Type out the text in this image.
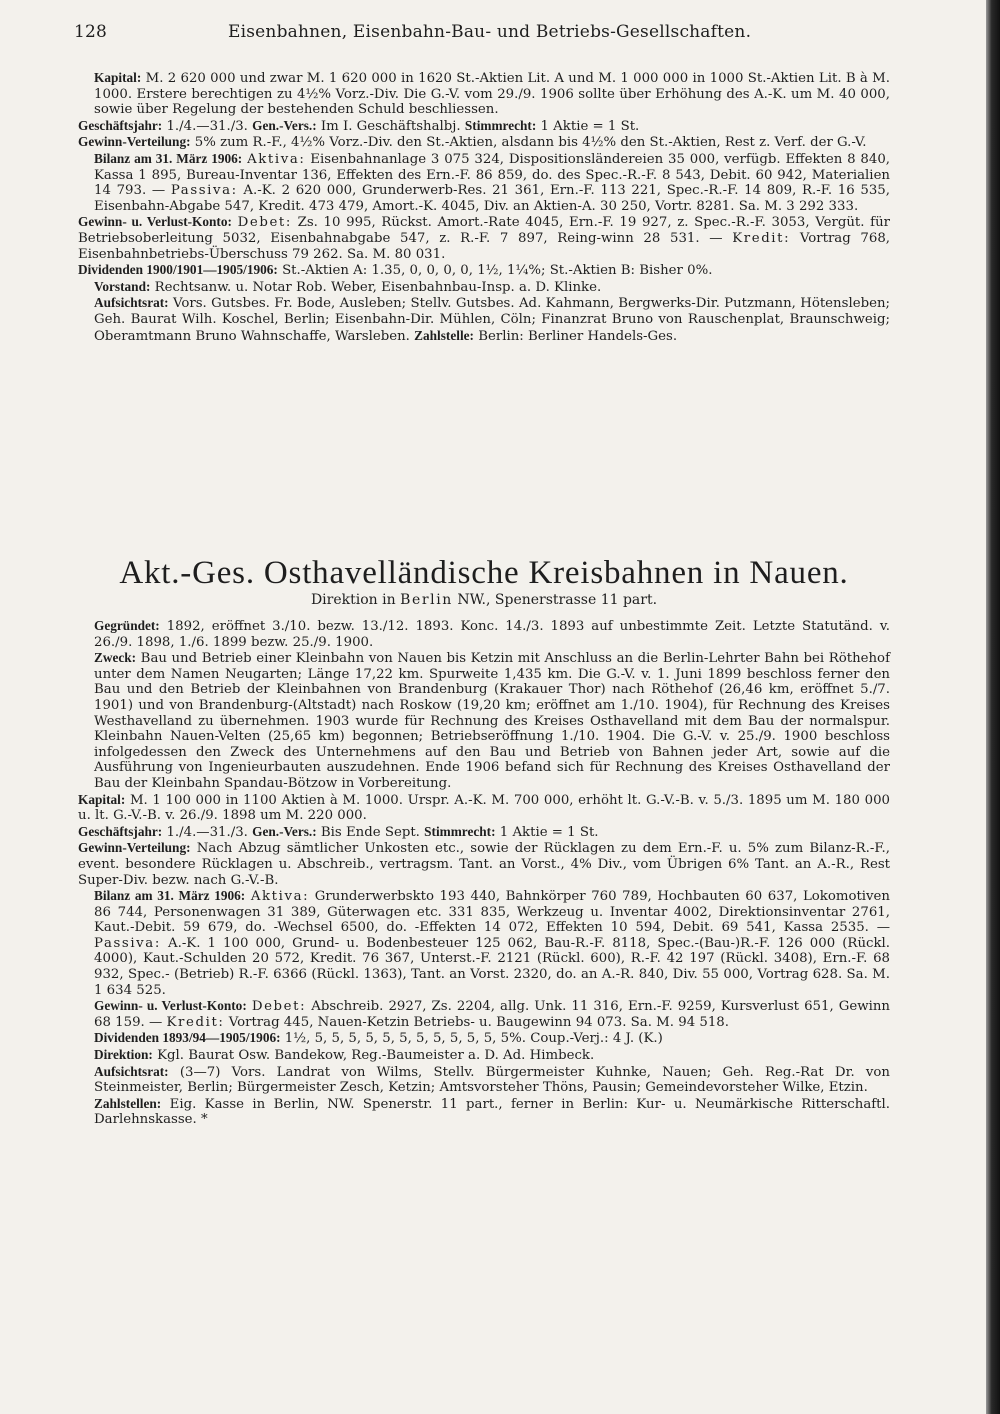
128	Eisenbahnen, Eisenbahn-Bau- und Betriebs-Gesellschaften.

Kapital: M. 2 620 000 und zwar M. 1 620 000 in 1620 St.-Aktien Lit. A und M. 1 000 000 in 1000 St.-Aktien Lit. B à M. 1000. Erstere berechtigen zu 4½% Vorz.-Div. Die G.-V. vom 29./9. 1906 sollte über Erhöhung des A.-K. um M. 40 000, sowie über Regelung der bestehenden Schuld beschliessen.

Geschäftsjahr: 1./4.—31./3. Gen.-Vers.: Im I. Geschäftshalbj. Stimmrecht: 1 Aktie = 1 St.

Gewinn-Verteilung: 5% zum R.-F., 4½% Vorz.-Div. den St.-Aktien, alsdann bis 4½% den St.-Aktien, Rest z. Verf. der G.-V.

Bilanz am 31. März 1906: Aktiva: Eisenbahnanlage 3 075 324, Dispositionsländereien 35 000, verfügb. Effekten 8 840, Kassa 1 895, Bureau-Inventar 136, Effekten des Ern.-F. 86 859, do. des Spec.-R.-F. 8 543, Debit. 60 942, Materialien 14 793. — Passiva: A.-K. 2 620 000, Grunderwerb-Res. 21 361, Ern.-F. 113 221, Spec.-R.-F. 14 809, R.-F. 16 535, Eisenbahn-Abgabe 547, Kredit. 473 479, Amort.-K. 4045, Div. an Aktien-A. 30 250, Vortr. 8281. Sa. M. 3 292 333.

Gewinn- u. Verlust-Konto: Debet: Zs. 10 995, Rückst. Amort.-Rate 4045, Ern.-F. 19 927, z. Spec.-R.-F. 3053, Vergüt. für Betriebsoberleitung 5032, Eisenbahnabgabe 547, z. R.-F. 7 897, Reing-winn 28 531. — Kredit: Vortrag 768, Eisenbahnbetriebs-Überschuss 79 262. Sa. M. 80 031.

Dividenden 1900/1901—1905/1906: St.-Aktien A: 1.35, 0, 0, 0, 0, 1½, 1¼%; St.-Aktien B: Bisher 0%.

Vorstand: Rechtsanw. u. Notar Rob. Weber, Eisenbahnbau-Insp. a. D. Klinke.

Aufsichtsrat: Vors. Gutsbes. Fr. Bode, Ausleben; Stellv. Gutsbes. Ad. Kahmann, Bergwerks-Dir. Putzmann, Hötensleben; Geh. Baurat Wilh. Koschel, Berlin; Eisenbahn-Dir. Mühlen, Cöln; Finanzrat Bruno von Rauschenplat, Braunschweig; Oberamtmann Bruno Wahnschaffe, Warsleben. Zahlstelle: Berlin: Berliner Handels-Ges.

Akt.-Ges. Osthavelländische Kreisbahnen in Nauen.
Direktion in Berlin NW., Spenerstrasse 11 part.

Gegründet: 1892, eröffnet 3./10. bezw. 13./12. 1893. Konc. 14./3. 1893 auf unbestimmte Zeit. Letzte Statutänd. v. 26./9. 1898, 1./6. 1899 bezw. 25./9. 1900.

Zweck: Bau und Betrieb einer Kleinbahn von Nauen bis Ketzin mit Anschluss an die Berlin-Lehrter Bahn bei Röthehof unter dem Namen Neugarten; Länge 17,22 km. Spurweite 1,435 km. Die G.-V. v. 1. Juni 1899 beschloss ferner den Bau und den Betrieb der Kleinbahnen von Brandenburg (Krakauer Thor) nach Röthehof (26,46 km, eröffnet 5./7. 1901) und von Brandenburg-(Altstadt) nach Roskow (19,20 km; eröffnet am 1./10. 1904), für Rechnung des Kreises Westhavelland zu übernehmen. 1903 wurde für Rechnung des Kreises Osthavelland mit dem Bau der normalspur. Kleinbahn Nauen-Velten (25,65 km) begonnen; Betriebseröffnung 1./10. 1904. Die G.-V. v. 25./9. 1900 beschloss infolgedessen den Zweck des Unternehmens auf den Bau und Betrieb von Bahnen jeder Art, sowie auf die Ausführung von Ingenieurbauten auszudehnen. Ende 1906 befand sich für Rechnung des Kreises Osthavelland der Bau der Kleinbahn Spandau-Bötzow in Vorbereitung.

Kapital: M. 1 100 000 in 1100 Aktien à M. 1000. Urspr. A.-K. M. 700 000, erhöht lt. G.-V.-B. v. 5./3. 1895 um M. 180 000 u. lt. G.-V.-B. v. 26./9. 1898 um M. 220 000.

Geschäftsjahr: 1./4.—31./3. Gen.-Vers.: Bis Ende Sept. Stimmrecht: 1 Aktie = 1 St.

Gewinn-Verteilung: Nach Abzug sämtlicher Unkosten etc., sowie der Rücklagen zu dem Ern.-F. u. 5% zum Bilanz-R.-F., event. besondere Rücklagen u. Abschreib., vertragsm. Tant. an Vorst., 4% Div., vom Übrigen 6% Tant. an A.-R., Rest Super-Div. bezw. nach G.-V.-B.

Bilanz am 31. März 1906: Aktiva: Grunderwerbskto 193 440, Bahnkörper 760 789, Hochbauten 60 637, Lokomotiven 86 744, Personenwagen 31 389, Güterwagen etc. 331 835, Werkzeug u. Inventar 4002, Direktionsinventar 2761, Kaut.-Debit. 59 679, do. -Wechsel 6500, do. -Effekten 14 072, Effekten 10 594, Debit. 69 541, Kassa 2535. — Passiva: A.-K. 1 100 000, Grund- u. Bodenbesteuer 125 062, Bau-R.-F. 8118, Spec.-(Bau-)R.-F. 126 000 (Rückl. 4000), Kaut.-Schulden 20 572, Kredit. 76 367, Unterst.-F. 2121 (Rückl. 600), R.-F. 42 197 (Rückl. 3408), Ern.-F. 68 932, Spec.- (Betrieb) R.-F. 6366 (Rückl. 1363), Tant. an Vorst. 2320, do. an A.-R. 840, Div. 55 000, Vortrag 628. Sa. M. 1 634 525.

Gewinn- u. Verlust-Konto: Debet: Abschreib. 2927, Zs. 2204, allg. Unk. 11 316, Ern.-F. 9259, Kursverlust 651, Gewinn 68 159. — Kredit: Vortrag 445, Nauen-Ketzin Betriebs- u. Baugewinn 94 073. Sa. M. 94 518.

Dividenden 1893/94—1905/1906: 1½, 5, 5, 5, 5, 5, 5, 5, 5, 5, 5, 5, 5%. Coup.-Verj.: 4 J. (K.)

Direktion: Kgl. Baurat Osw. Bandekow, Reg.-Baumeister a. D. Ad. Himbeck.

Aufsichtsrat: (3—7) Vors. Landrat von Wilms, Stellv. Bürgermeister Kuhnke, Nauen; Geh. Reg.-Rat Dr. von Steinmeister, Berlin; Bürgermeister Zesch, Ketzin; Amtsvorsteher Thöns, Pausin; Gemeindevorsteher Wilke, Etzin.

Zahlstellen: Eig. Kasse in Berlin, NW. Spenerstr. 11 part., ferner in Berlin: Kur- u. Neumärkische Ritterschaftl. Darlehnskasse. *
